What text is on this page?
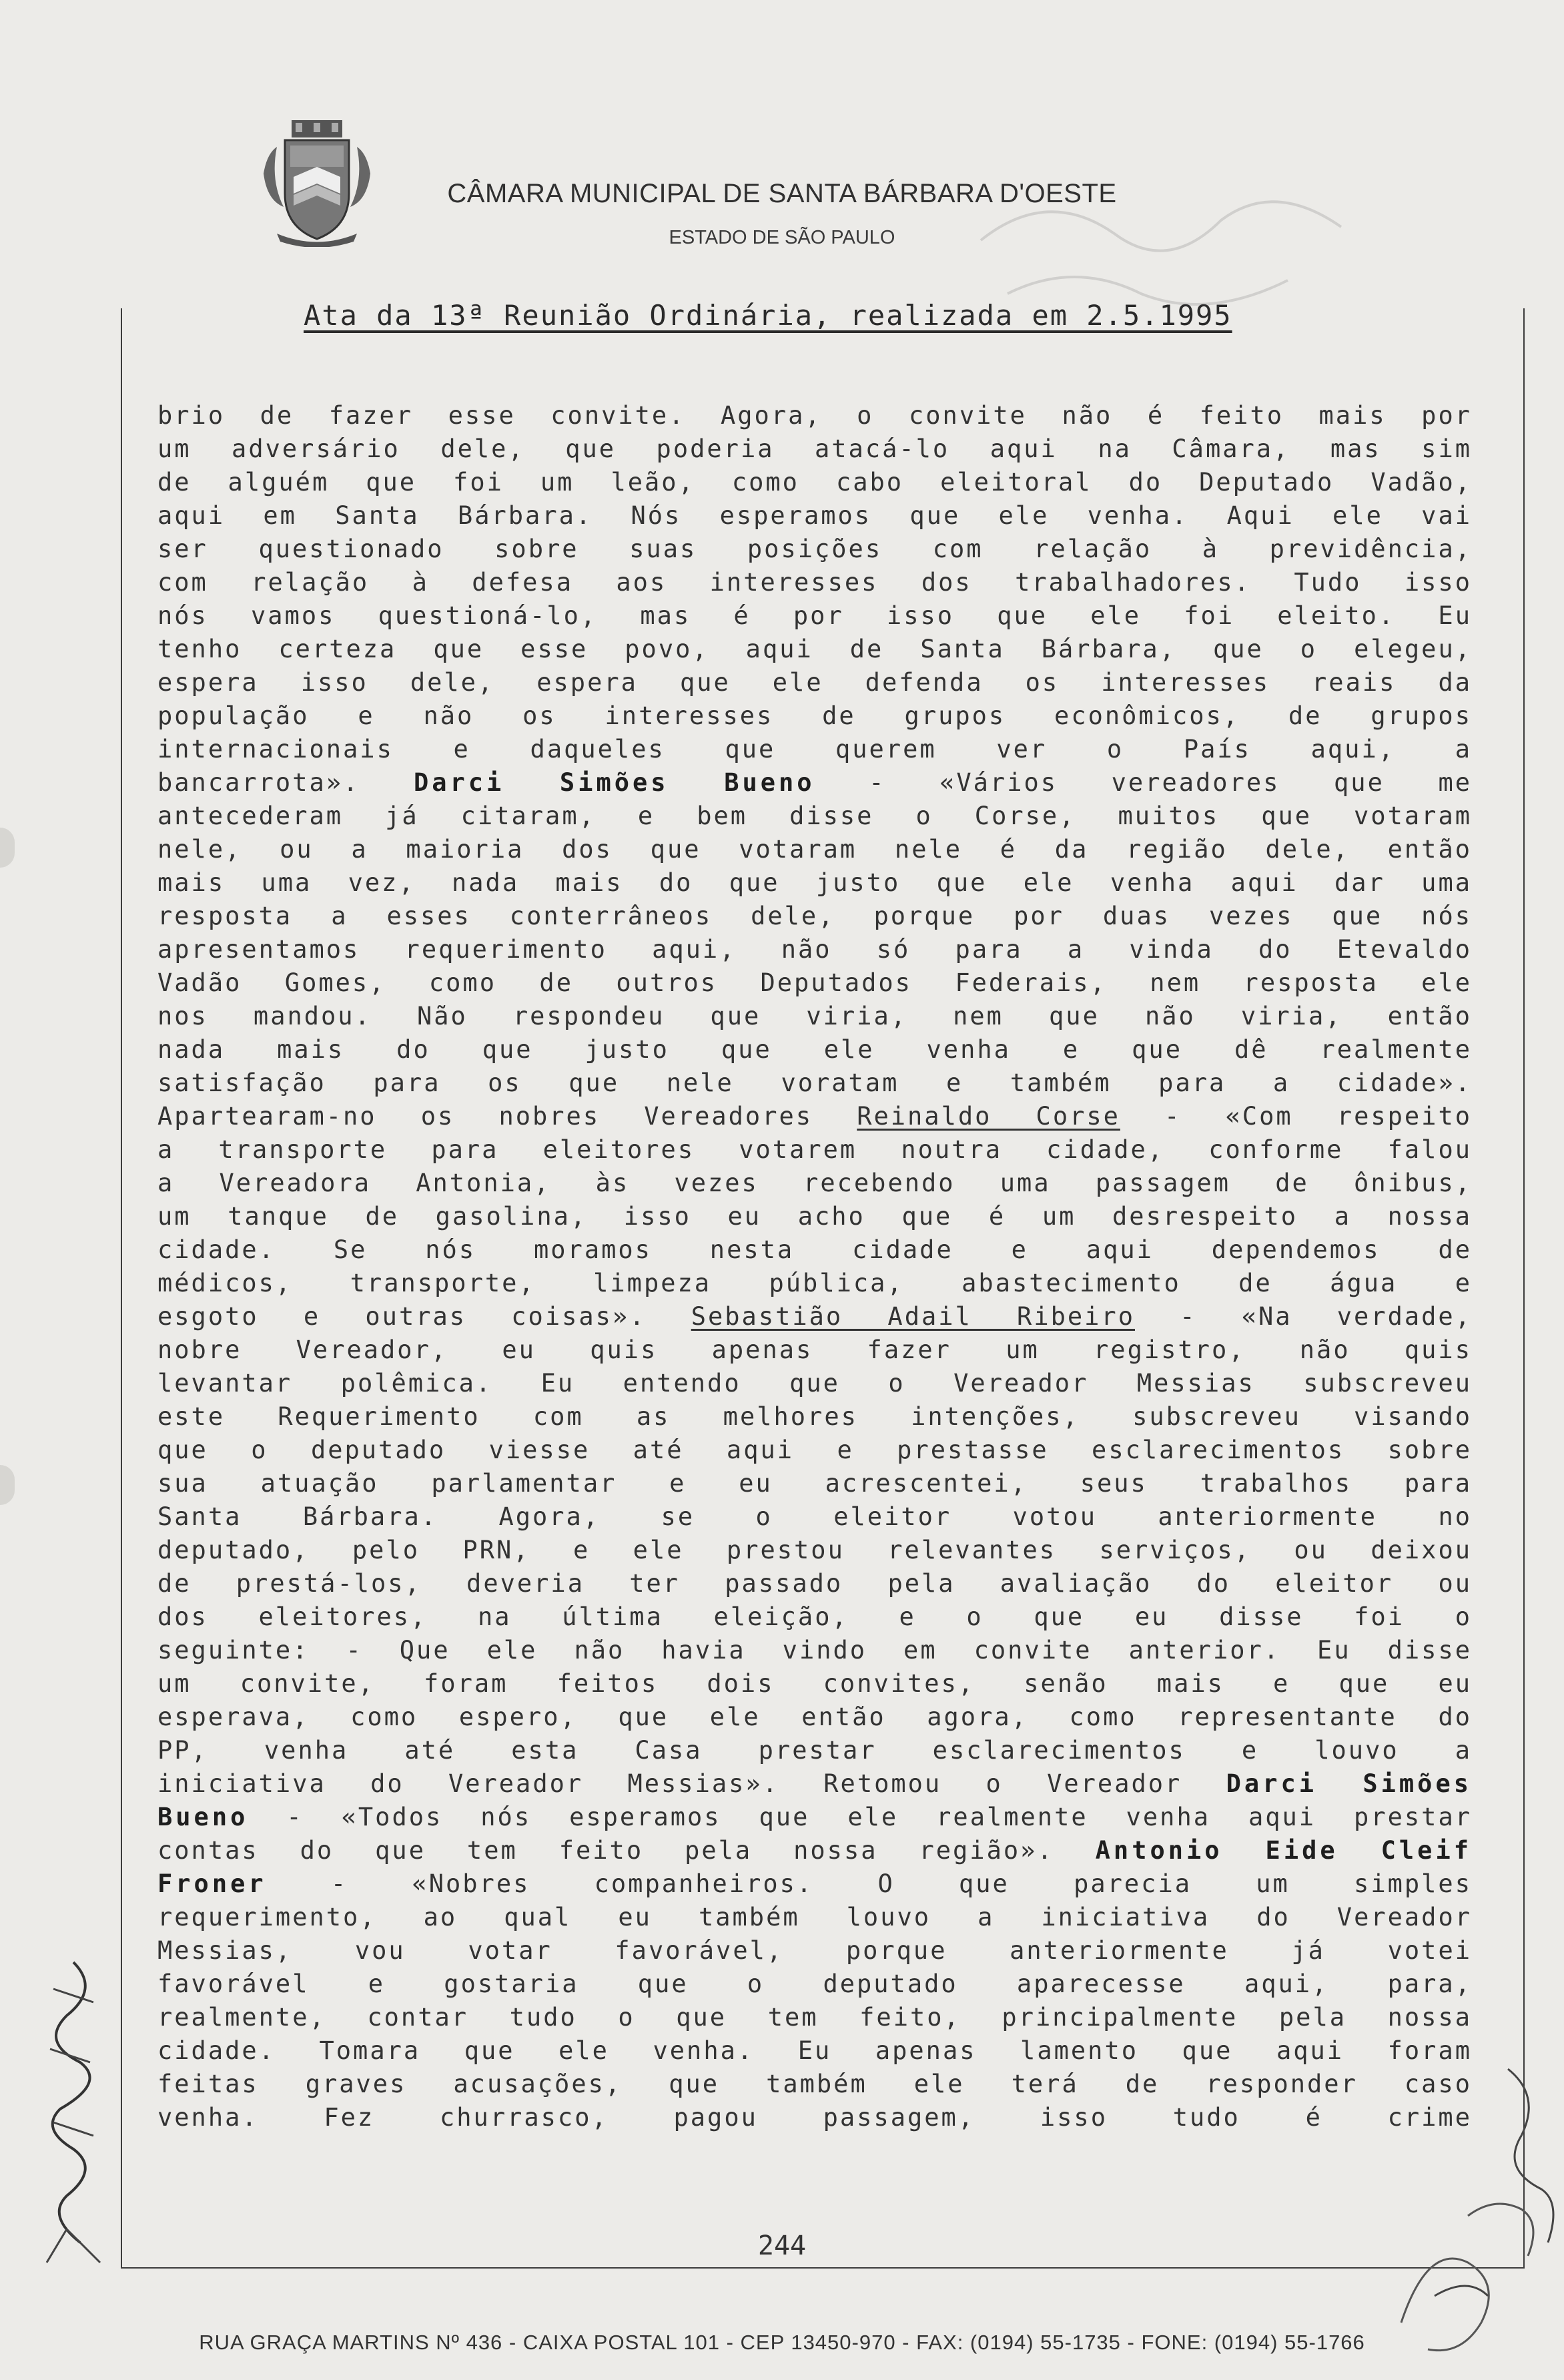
CÂMARA MUNICIPAL DE SANTA BÁRBARA D'OESTE
ESTADO DE SÃO PAULO
Ata da 13ª Reunião Ordinária, realizada em 2.5.1995
brio de fazer esse convite. Agora, o convite não é feito mais por
um adversário dele, que poderia atacá-lo aqui na Câmara, mas sim
de alguém que foi um leão, como cabo eleitoral do Deputado Vadão,
aqui em Santa Bárbara. Nós esperamos que ele venha. Aqui ele vai
ser questionado sobre suas posições com relação à previdência,
com relação à defesa aos interesses dos trabalhadores. Tudo isso
nós vamos questioná-lo, mas é por isso que ele foi eleito. Eu
tenho certeza que esse povo, aqui de Santa Bárbara, que o elegeu,
espera isso dele, espera que ele defenda os interesses reais da
população e não os interesses de grupos econômicos, de grupos
internacionais e daqueles que querem ver o País aqui, a
bancarrota». Darci Simões Bueno - «Vários vereadores que me
antecederam já citaram, e bem disse o Corse, muitos que votaram
nele, ou a maioria dos que votaram nele é da região dele, então
mais uma vez, nada mais do que justo que ele venha aqui dar uma
resposta a esses conterrâneos dele, porque por duas vezes que nós
apresentamos requerimento aqui, não só para a vinda do Etevaldo
Vadão Gomes, como de outros Deputados Federais, nem resposta ele
nos mandou. Não respondeu que viria, nem que não viria, então
nada mais do que justo que ele venha e que dê realmente
satisfação para os que nele voratam e também para a cidade».
Apartearam-no os nobres Vereadores Reinaldo Corse - «Com respeito
a transporte para eleitores votarem noutra cidade, conforme falou
a Vereadora Antonia, às vezes recebendo uma passagem de ônibus,
um tanque de gasolina, isso eu acho que é um desrespeito a nossa
cidade. Se nós moramos nesta cidade e aqui dependemos de
médicos, transporte, limpeza pública, abastecimento de água e
esgoto e outras coisas». Sebastião Adail Ribeiro - «Na verdade,
nobre Vereador, eu quis apenas fazer um registro, não quis
levantar polêmica. Eu entendo que o Vereador Messias subscreveu
este Requerimento com as melhores intenções, subscreveu visando
que o deputado viesse até aqui e prestasse esclarecimentos sobre
sua atuação parlamentar e eu acrescentei, seus trabalhos para
Santa Bárbara. Agora, se o eleitor votou anteriormente no
deputado, pelo PRN, e ele prestou relevantes serviços, ou deixou
de prestá-los, deveria ter passado pela avaliação do eleitor ou
dos eleitores, na última eleição, e o que eu disse foi o
seguinte: - Que ele não havia vindo em convite anterior. Eu disse
um convite, foram feitos dois convites, senão mais e que eu
esperava, como espero, que ele então agora, como representante do
PP, venha até esta Casa prestar esclarecimentos e louvo a
iniciativa do Vereador Messias». Retomou o Vereador Darci Simões
Bueno - «Todos nós esperamos que ele realmente venha aqui prestar
contas do que tem feito pela nossa região». Antonio Eide Cleif
Froner - «Nobres companheiros. O que parecia um simples
requerimento, ao qual eu também louvo a iniciativa do Vereador
Messias, vou votar favorável, porque anteriormente já votei
favorável e gostaria que o deputado aparecesse aqui, para,
realmente, contar tudo o que tem feito, principalmente pela nossa
cidade. Tomara que ele venha. Eu apenas lamento que aqui foram
feitas graves acusações, que também ele terá de responder caso
venha. Fez churrasco, pagou passagem, isso tudo é crime
244
RUA GRAÇA MARTINS Nº 436 - CAIXA POSTAL 101 - CEP 13450-970 - FAX: (0194) 55-1735 - FONE: (0194) 55-1766
